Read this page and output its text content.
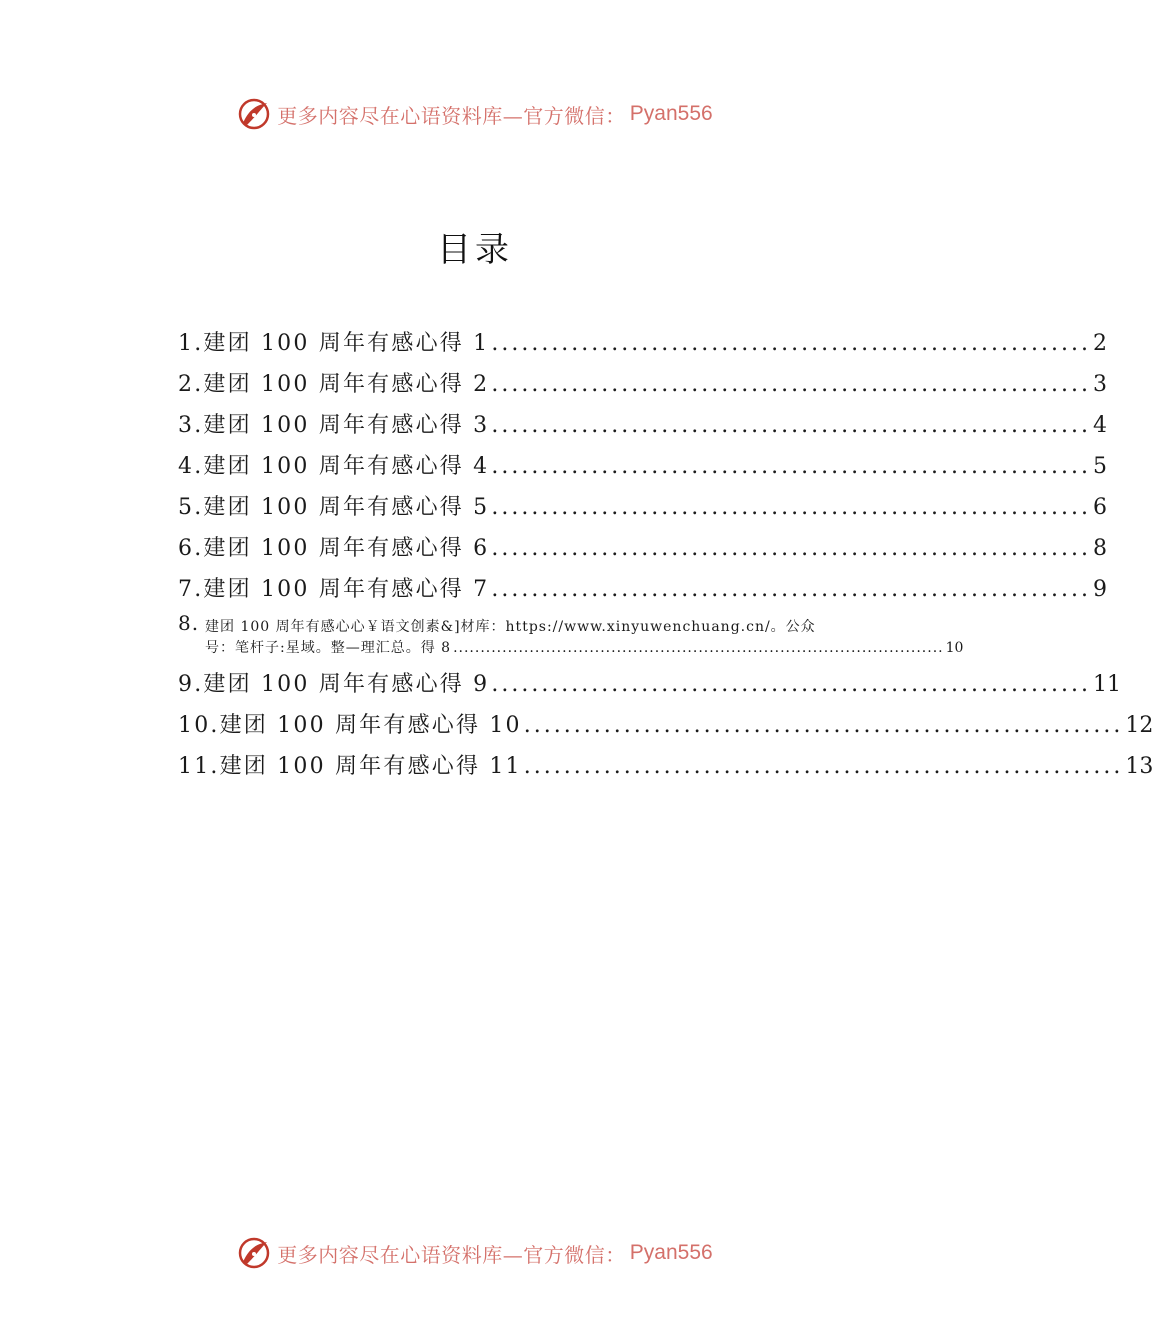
更多内容尽在心语资料库—官方微信： Pyan556
目录
1.建团 100 周年有感心得 1 ............................................................ 2
2.建团 100 周年有感心得 2 ............................................................ 3
3.建团 100 周年有感心得 3 ............................................................ 4
4.建团 100 周年有感心得 4 ............................................................ 5
5.建团 100 周年有感心得 5 ............................................................ 6
6.建团 100 周年有感心得 6 ............................................................ 8
7.建团 100 周年有感心得 7 ............................................................ 9
8. 建团 100 周年有感心心￥语文创素&]材库：https://www.xinyuwenchuang.cn/。公众
号：笔杆子:星域。整—理汇总。得 8 .......................................................................................... 10
9.建团 100 周年有感心得 9 ............................................................ 11
10.建团 100 周年有感心得 10 ............................................................ 12
11.建团 100 周年有感心得 11 ............................................................ 13
更多内容尽在心语资料库—官方微信： Pyan556
